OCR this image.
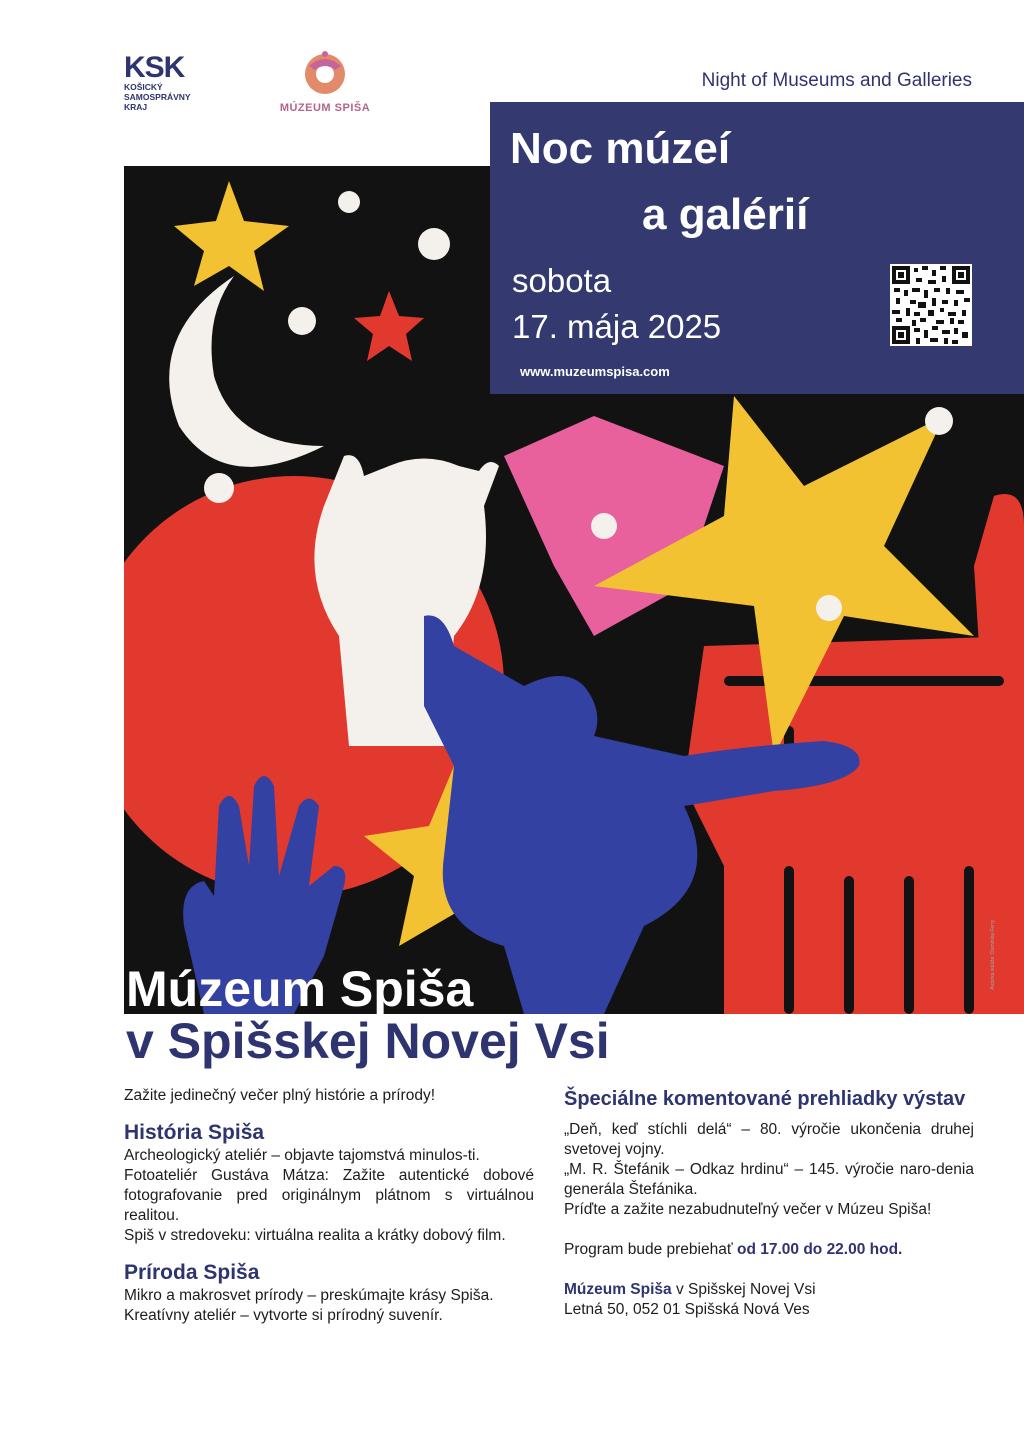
KSK
KOŠICKÝ
SAMOSPRÁVNY
KRAJ	MÚZEUM SPIŠA
Night of Museums and Galleries
Noc múzeí
a galérií
sobota
17. mája 2025
www.muzeumspisa.com
Autorka koláže: Dominika Ferry
Múzeum Spiša
v Spišskej Novej Vsi

Zažite jedinečný večer plný histórie a prírody!

História Spiša

Archeologický ateliér – objavte tajomstvá minulos-ti.

Fotoateliér Gustáva Mátza: Zažite autentické dobové fotografovanie pred originálnym plátnom s virtuálnou realitou.

Spiš v stredoveku: virtuálna realita a krátky dobový film.

Príroda Spiša

Mikro a makrosvet prírody – preskúmajte krásy Spiša.

Kreatívny ateliér – vytvorte si prírodný suvenír.

Špeciálne komentované prehliadky výstav

„Deň, keď stíchli delá“ – 80. výročie ukončenia druhej svetovej vojny.

„M. R. Štefánik – Odkaz hrdinu“ – 145. výročie naro-denia generála Štefánika.

Príďte a zažite nezabudnuteľný večer v Múzeu Spiša!

Program bude prebiehať od 17.00 do 22.00 hod.

Múzeum Spiša v Spišskej Novej Vsi

Letná 50, 052 01 Spišská Nová Ves
